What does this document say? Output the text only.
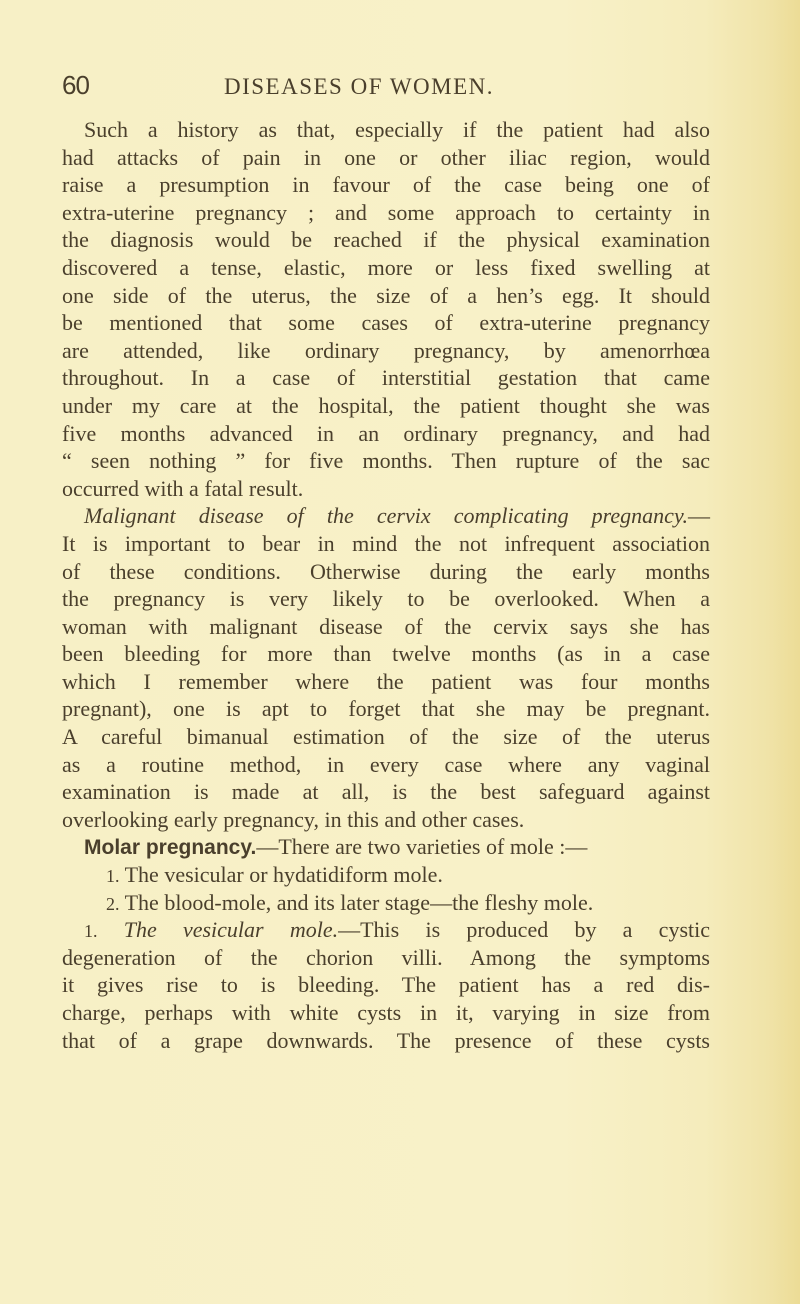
60	DISEASES OF WOMEN.
Such a history as that, especially if the patient had also
had attacks of pain in one or other iliac region, would
raise a presumption in favour of the case being one of
extra-uterine pregnancy ; and some approach to certainty in
the diagnosis would be reached if the physical examination
discovered a tense, elastic, more or less fixed swelling at
one side of the uterus, the size of a hen’s egg. It should
be mentioned that some cases of extra-uterine pregnancy
are attended, like ordinary pregnancy, by amenorrhœa
throughout. In a case of interstitial gestation that came
under my care at the hospital, the patient thought she was
five months advanced in an ordinary pregnancy, and had
“ seen nothing ” for five months. Then rupture of the sac
occurred with a fatal result.
Malignant disease of the cervix complicating pregnancy.—
It is important to bear in mind the not infrequent association
of these conditions. Otherwise during the early months
the pregnancy is very likely to be overlooked. When a
woman with malignant disease of the cervix says she has
been bleeding for more than twelve months (as in a case
which I remember where the patient was four months
pregnant), one is apt to forget that she may be pregnant.
A careful bimanual estimation of the size of the uterus
as a routine method, in every case where any vaginal
examination is made at all, is the best safeguard against
overlooking early pregnancy, in this and other cases.
Molar pregnancy.—There are two varieties of mole :—
1. The vesicular or hydatidiform mole.
2. The blood-mole, and its later stage—the fleshy mole.
1. The vesicular mole.—This is produced by a cystic
degeneration of the chorion villi. Among the symptoms
it gives rise to is bleeding. The patient has a red dis-
charge, perhaps with white cysts in it, varying in size from
that of a grape downwards. The presence of these cysts
